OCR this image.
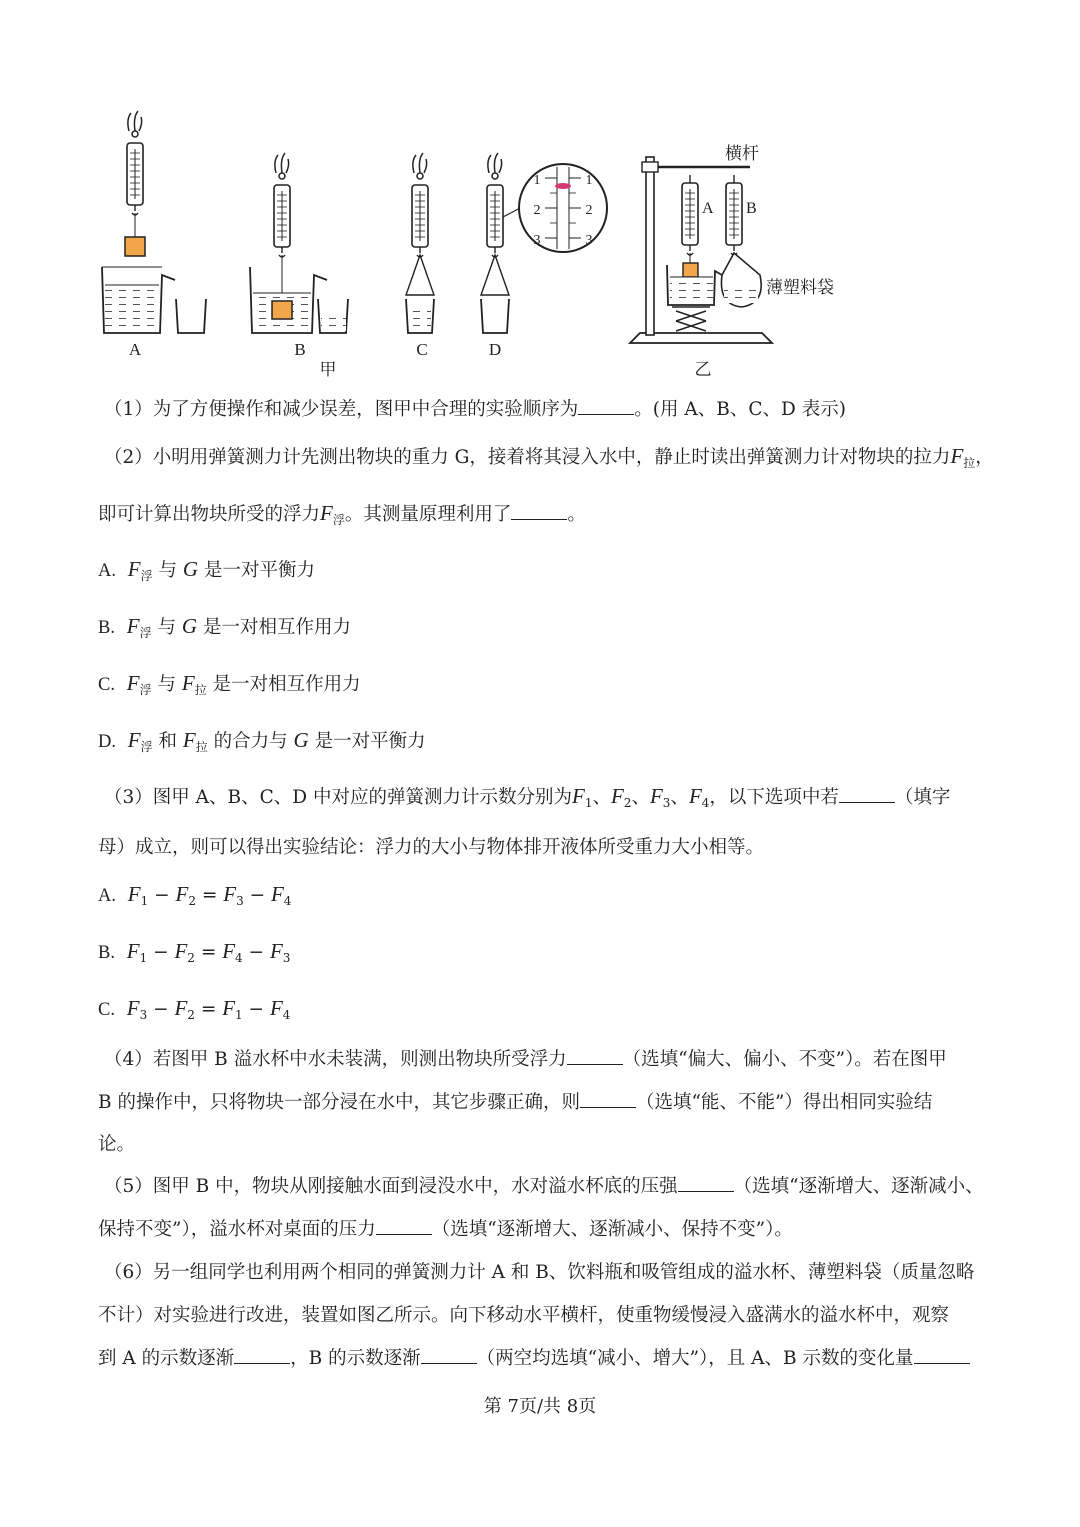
A	B
甲
C	D
1	1
2	2
3	3
横杆
A B
薄塑料袋
乙
（1）为了方便操作和减少误差，图甲中合理的实验顺序为	。(用 A、B、C、D 表示)
（2）小明用弹簧测力计先测出物块的重力 G，接着将其浸入水中，静止时读出弹簧测力计对物块的拉力$F_拉$，
即可计算出物块所受的浮力$F_浮$。其测量原理利用了	。
A. $F_浮$ 与 G 是一对平衡力
B. $F_浮$ 与 G 是一对相互作用力
C. $F_浮$ 与 $F_拉$ 是一对相互作用力
D. $F_浮$ 和 $F_拉$ 的合力与 G 是一对平衡力
（3）图甲 A、B、C、D 中对应的弹簧测力计示数分别为$F_1$、$F_2$、$F_3$、$F_4$，以下选项中若	（填字
母）成立，则可以得出实验结论：浮力的大小与物体排开液体所受重力大小相等。
A. $F_1 - F_2 = F_3 - F_4$
B. $F_1 - F_2 = F_4 - F_3$
C. $F_3 - F_2 = F_1 - F_4$
（4）若图甲 B 溢水杯中水未装满，则测出物块所受浮力	（选填“偏大、偏小、不变”）。若在图甲
B 的操作中，只将物块一部分浸在水中，其它步骤正确，则	（选填“能、不能”）得出相同实验结
论。
（5）图甲 B 中，物块从刚接触水面到浸没水中，水对溢水杯底的压强	（选填“逐渐增大、逐渐减小、
保持不变”），溢水杯对桌面的压力	（选填“逐渐增大、逐渐减小、保持不变”）。
（6）另一组同学也利用两个相同的弹簧测力计 A 和 B、饮料瓶和吸管组成的溢水杯、薄塑料袋（质量忽略
不计）对实验进行改进，装置如图乙所示。向下移动水平横杆，使重物缓慢浸入盛满水的溢水杯中，观察
到 A 的示数逐渐	，B 的示数逐渐	（两空均选填“减小、增大”），且 A、B 示数的变化量
第 7页/共 8页
